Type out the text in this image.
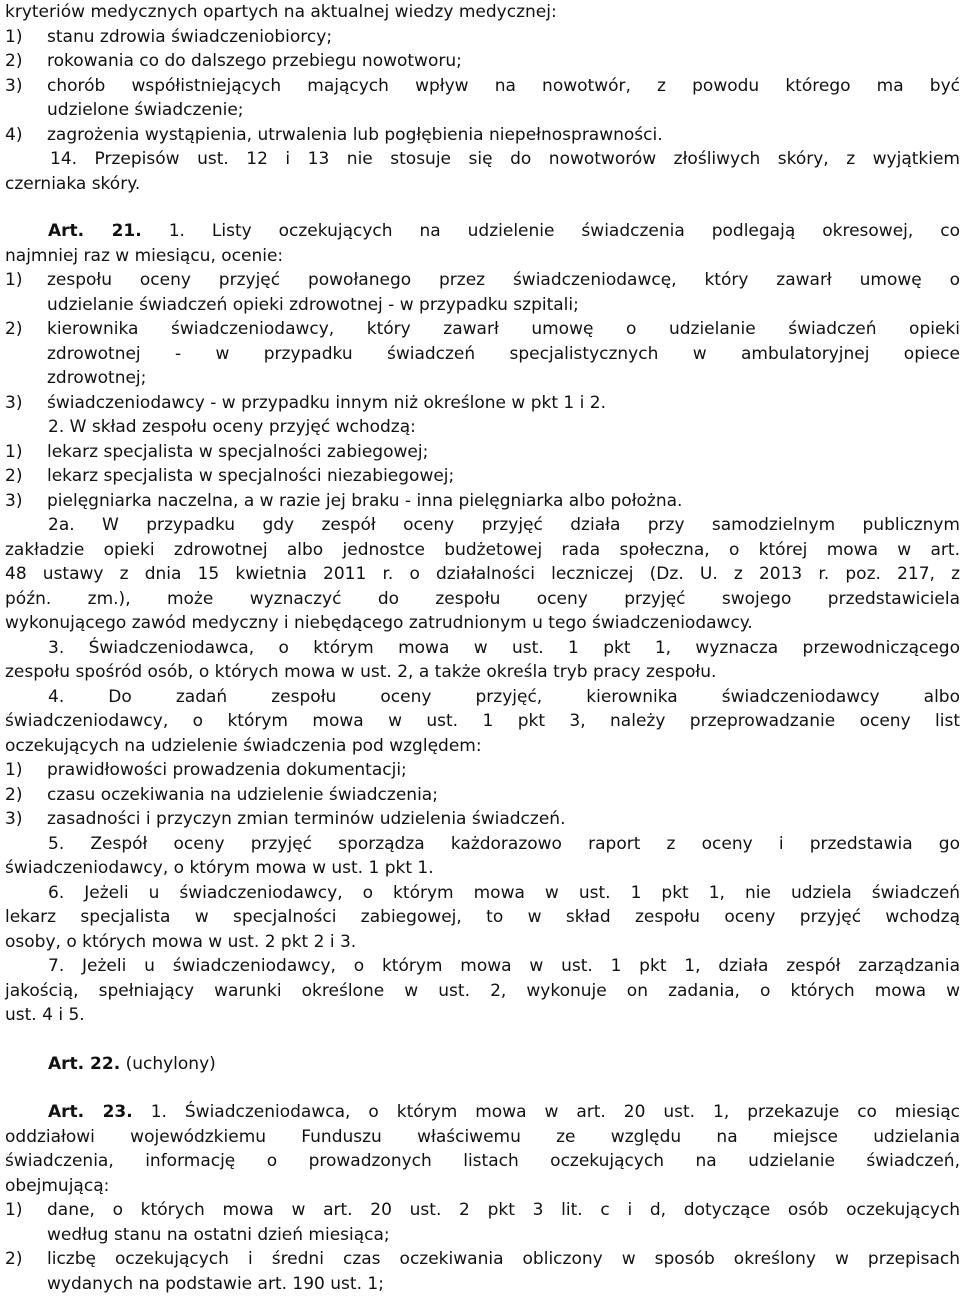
kryteriów medycznych opartych na aktualnej wiedzy medycznej:

1)	stanu zdrowia świadczeniobiorcy;
2)	rokowania co do dalszego przebiegu nowotworu;
3)	chorób współistniejących mających wpływ na nowotwór, z powodu którego ma być
udzielone świadczenie;
4)	zagrożenia wystąpienia, utrwalenia lub pogłębienia niepełnosprawności.
14. Przepisów ust. 12 i 13 nie stosuje się do nowotworów złośliwych skóry, z wyjątkiem
czerniaka skóry.
Art. 21. 1. Listy oczekujących na udzielenie świadczenia podlegają okresowej, co
najmniej raz w miesiącu, ocenie:
1)	zespołu oceny przyjęć powołanego przez świadczeniodawcę, który zawarł umowę o
udzielanie świadczeń opieki zdrowotnej - w przypadku szpitali;
2)	kierownika świadczeniodawcy, który zawarł umowę o udzielanie świadczeń opieki
zdrowotnej - w przypadku świadczeń specjalistycznych w ambulatoryjnej opiece
zdrowotnej;
3)	świadczeniodawcy - w przypadku innym niż określone w pkt 1 i 2.
2. W skład zespołu oceny przyjęć wchodzą:
1)	lekarz specjalista w specjalności zabiegowej;
2)	lekarz specjalista w specjalności niezabiegowej;
3)	pielęgniarka naczelna, a w razie jej braku - inna pielęgniarka albo położna.
2a. W przypadku gdy zespół oceny przyjęć działa przy samodzielnym publicznym
zakładzie opieki zdrowotnej albo jednostce budżetowej rada społeczna, o której mowa w art.
48 ustawy z dnia 15 kwietnia 2011 r. o działalności leczniczej (Dz. U. z 2013 r. poz. 217, z
późn. zm.), może wyznaczyć do zespołu oceny przyjęć swojego przedstawiciela
wykonującego zawód medyczny i niebędącego zatrudnionym u tego świadczeniodawcy.
3. Świadczeniodawca, o którym mowa w ust. 1 pkt 1, wyznacza przewodniczącego
zespołu spośród osób, o których mowa w ust. 2, a także określa tryb pracy zespołu.
4. Do zadań zespołu oceny przyjęć, kierownika świadczeniodawcy albo
świadczeniodawcy, o którym mowa w ust. 1 pkt 3, należy przeprowadzanie oceny list
oczekujących na udzielenie świadczenia pod względem:
1)	prawidłowości prowadzenia dokumentacji;
2)	czasu oczekiwania na udzielenie świadczenia;
3)	zasadności i przyczyn zmian terminów udzielenia świadczeń.
5. Zespół oceny przyjęć sporządza każdorazowo raport z oceny i przedstawia go
świadczeniodawcy, o którym mowa w ust. 1 pkt 1.
6. Jeżeli u świadczeniodawcy, o którym mowa w ust. 1 pkt 1, nie udziela świadczeń
lekarz specjalista w specjalności zabiegowej, to w skład zespołu oceny przyjęć wchodzą
osoby, o których mowa w ust. 2 pkt 2 i 3.
7. Jeżeli u świadczeniodawcy, o którym mowa w ust. 1 pkt 1, działa zespół zarządzania
jakością, spełniający warunki określone w ust. 2, wykonuje on zadania, o których mowa w
ust. 4 i 5.
Art. 22. (uchylony)
Art. 23. 1. Świadczeniodawca, o którym mowa w art. 20 ust. 1, przekazuje co miesiąc
oddziałowi wojewódzkiemu Funduszu właściwemu ze względu na miejsce udzielania
świadczenia, informację o prowadzonych listach oczekujących na udzielanie świadczeń,
obejmującą:
1)	dane, o których mowa w art. 20 ust. 2 pkt 3 lit. c i d, dotyczące osób oczekujących
według stanu na ostatni dzień miesiąca;
2)	liczbę oczekujących i średni czas oczekiwania obliczony w sposób określony w przepisach
wydanych na podstawie art. 190 ust. 1;
